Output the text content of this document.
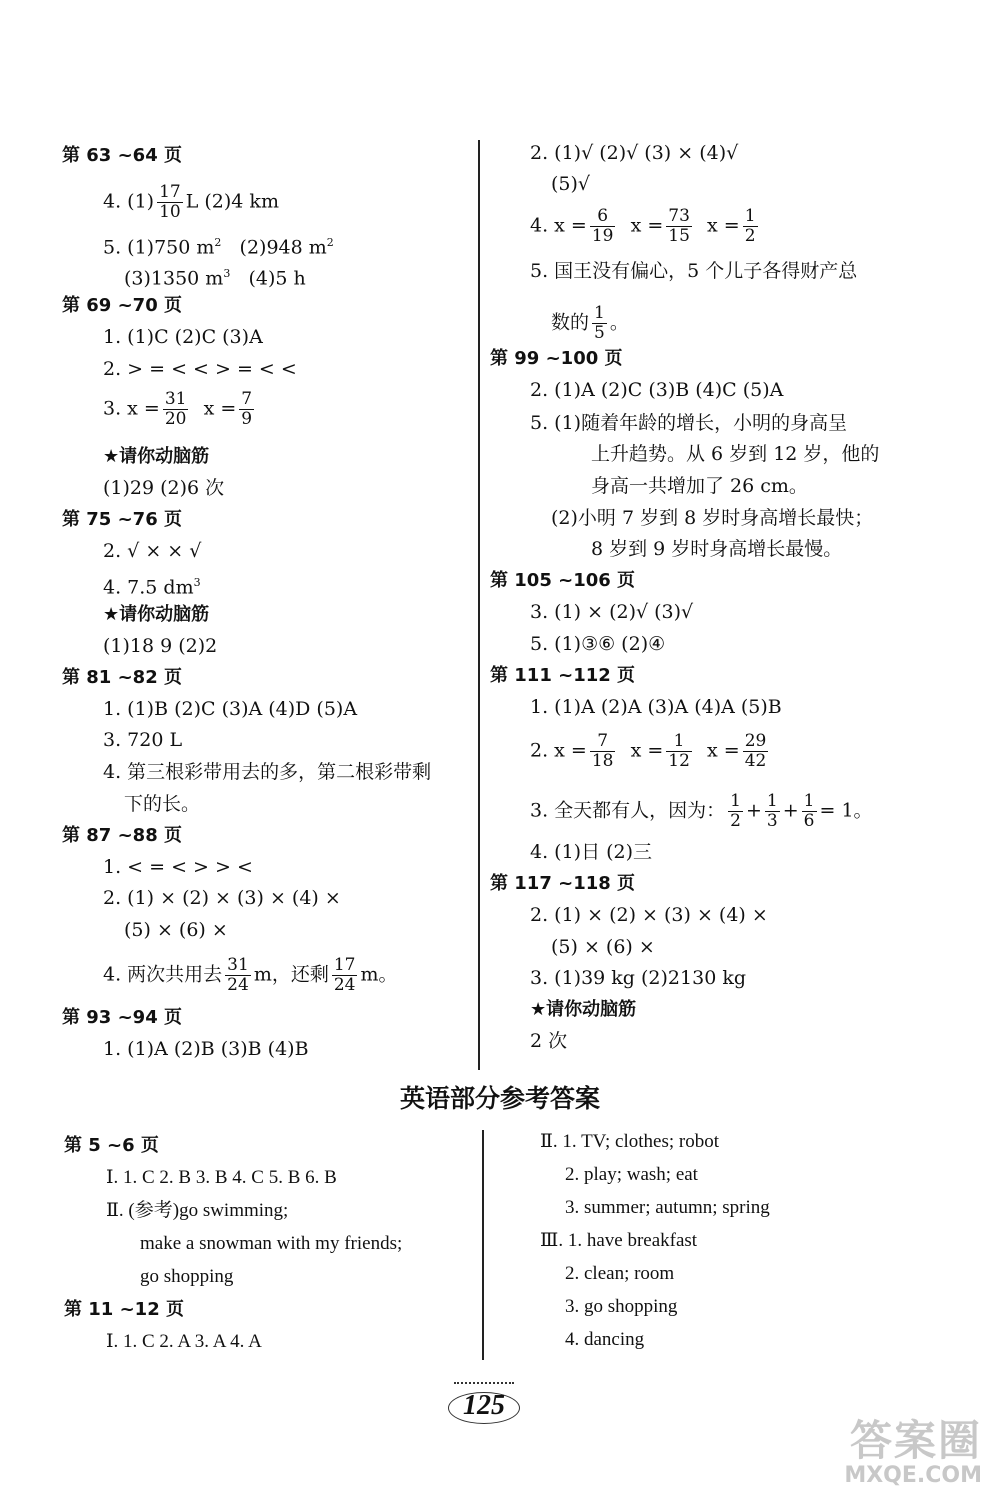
第 63 ~64 页
4. $(1) \frac{17}{10}$ L (2)4 km
5. (1)750 $m^2$ (2)948 $m^2$
(3)1350 $m^3$ (4)5 h
第 69 ~70 页
1. (1)C (2)C (3)A
2. > = < < > = < <
3. $x = \frac{31}{20}$ $x = \frac{7}{9}$
★请你动脑筋
(1)29 (2)6 次
第 75 ~76 页
2. √ × × √
4. 7.5 $dm^3$
★请你动脑筋
(1)18 9 (2)2
第 81 ~82 页
1. (1)B (2)C (3)A (4)D (5)A
3. 720 L
4. 第三根彩带用去的多，第二根彩带剩
下的长。
第 87 ~88 页
1. < = < > > <
2. (1) × (2) × (3) × (4) ×
(5) × (6) ×
4. 两次共用去 $\frac{31}{24}$ m，还剩 $\frac{17}{24}$ m。
第 93 ~94 页
1. (1)A (2)B (3)B (4)B
2. (1)√ (2)√ (3) × (4)√
(5)√
4. $x = \frac{6}{19}$ $x = \frac{73}{15}$ $x = \frac{1}{2}$
5. 国王没有偏心，5 个儿子各得财产总
数的 $\frac{1}{5}$ 。
第 99 ~100 页
2. (1)A (2)C (3)B (4)C (5)A
5. (1)随着年龄的增长，小明的身高呈
上升趋势。从 6 岁到 12 岁，他的
身高一共增加了 26 cm。
(2)小明 7 岁到 8 岁时身高增长最快；
8 岁到 9 岁时身高增长最慢。
第 105 ~106 页
3. (1) × (2)√ (3)√
5. (1)③⑥ (2)④
第 111 ~112 页
1. (1)A (2)A (3)A (4)A (5)B
2. $x = \frac{7}{18}$ $x = \frac{1}{12}$ $x = \frac{29}{42}$
3. 全天都有人，因为： $\frac{1}{2} + \frac{1}{3} + \frac{1}{6} = 1$。
4. (1)日 (2)三
第 117 ~118 页
2. (1) × (2) × (3) × (4) ×
(5) × (6) ×
3. (1)39 kg (2)2130 kg
★请你动脑筋
2 次
英语部分参考答案
第 5 ~6 页
Ⅰ. 1. C 2. B 3. B 4. C 5. B 6. B
Ⅱ. (参考)go swimming;
make a snowman with my friends;
go shopping
第 11 ~12 页
Ⅰ. 1. C 2. A 3. A 4. A
Ⅱ. 1. TV; clothes; robot
2. play; wash; eat
3. summer; autumn; spring
Ⅲ. 1. have breakfast
2. clean; room
3. go shopping
4. dancing
125
答案圈
MXQE.COM
